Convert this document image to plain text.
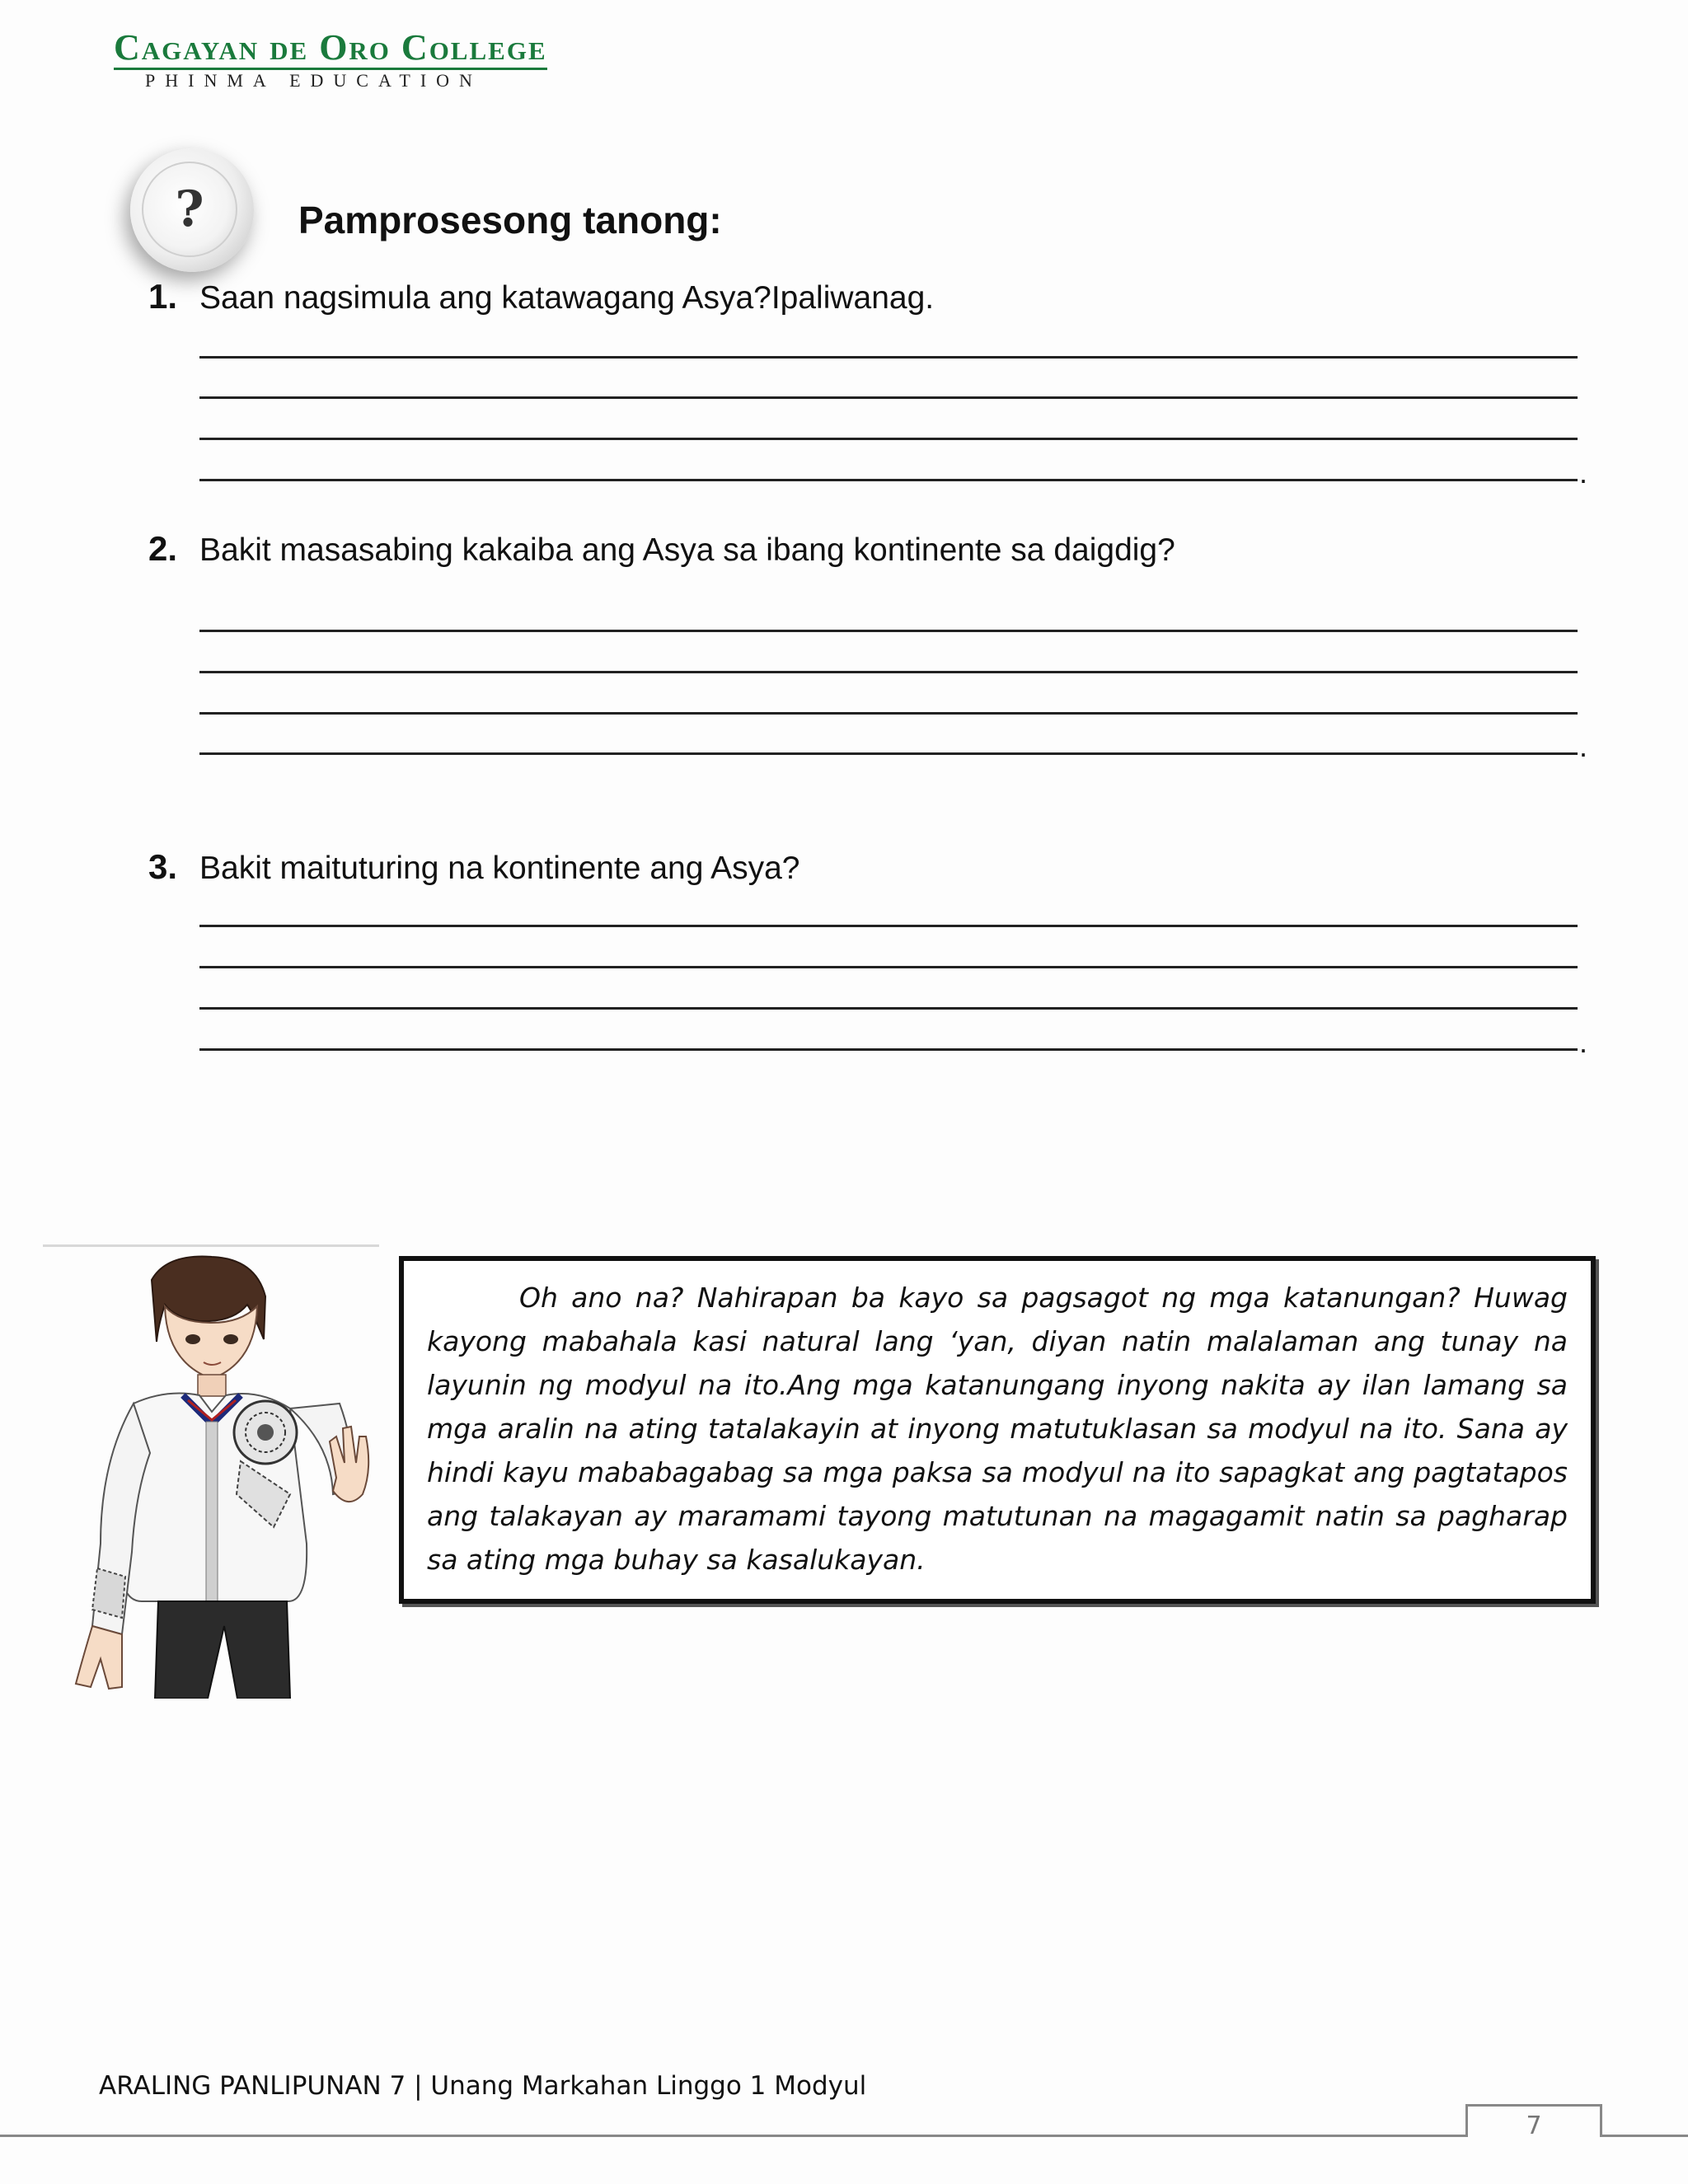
Cagayan de Oro College
PHINMA EDUCATION
?	Pamprosesong tanong:
1. Saan nagsimula ang katawagang Asya?Ipaliwanag.
.
2. Bakit masasabing kakaiba ang Asya sa ibang kontinente sa daigdig?
.
3. Bakit maituturing na kontinente ang Asya?
.
Oh ano na? Nahirapan ba kayo sa pagsagot ng mga katanungan? Huwag kayong mabahala kasi natural lang ‘yan, diyan natin malalaman ang tunay na layunin ng modyul na ito.Ang mga katanungang inyong nakita ay ilan lamang sa mga aralin na ating tatalakayin at inyong matutuklasan sa modyul na ito. Sana ay hindi kayu mababagabag sa mga paksa sa modyul na ito sapagkat ang pagtatapos ang talakayan ay maramami tayong matutunan na magagamit natin sa pagharap sa ating mga buhay sa kasalukayan.
ARALING PANLIPUNAN 7 | Unang Markahan Linggo 1 Modyul
7
